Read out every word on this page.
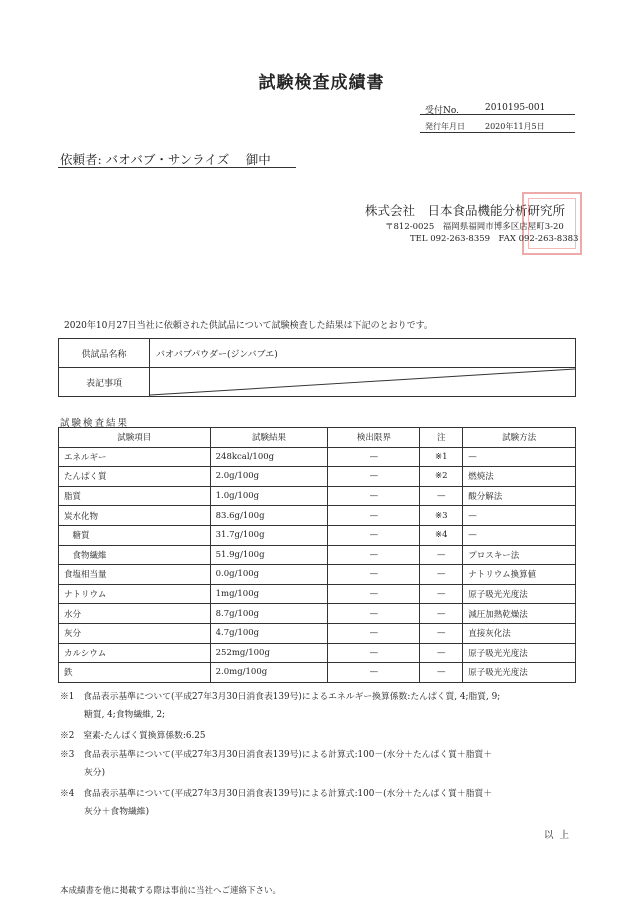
試験検査成績書
受付No.	2010195-001
発行年月日	2020年11月5日
依頼者: バオバブ・サンライズ　 御中
株式会社　日本食品機能分析研究所
〒812-0025　福岡県福岡市博多区店屋町3-20
TEL 092-263-8359　FAX 092-263-8383
2020年10月27日当社に依頼された供試品について試験検査した結果は下記のとおりです。
供試品名称	バオバブパウダー(ジンバブエ)
表記事項	
試験検査結果
試験項目	試験結果	検出限界	注	試験方法
エネルギー	248kcal/100g	—	※1	—
たんぱく質	2.0g/100g	—	※2	燃焼法
脂質	1.0g/100g	—	—	酸分解法
炭水化物	83.6g/100g	—	※3	—
　糖質	31.7g/100g	—	※4	—
　食物繊維	51.9g/100g	—	—	プロスキー法
食塩相当量	0.0g/100g	—	—	ナトリウム換算値
ナトリウム	1mg/100g	—	—	原子吸光光度法
水分	8.7g/100g	—	—	減圧加熱乾燥法
灰分	4.7g/100g	—	—	直接灰化法
カルシウム	252mg/100g	—	—	原子吸光光度法
鉄	2.0mg/100g	—	—	原子吸光光度法
※1　食品表示基準について(平成27年3月30日消食表139号)によるエネルギー換算係数:たんぱく質, 4;脂質, 9;
糖質, 4;食物繊維, 2;
※2　窒素-たんぱく質換算係数:6.25
※3　食品表示基準について(平成27年3月30日消食表139号)による計算式:100－(水分＋たんぱく質＋脂質＋
灰分)
※4　食品表示基準について(平成27年3月30日消食表139号)による計算式:100－(水分＋たんぱく質＋脂質＋
灰分＋食物繊維)
以上
本成績書を他に掲載する際は事前に当社へご連絡下さい。
